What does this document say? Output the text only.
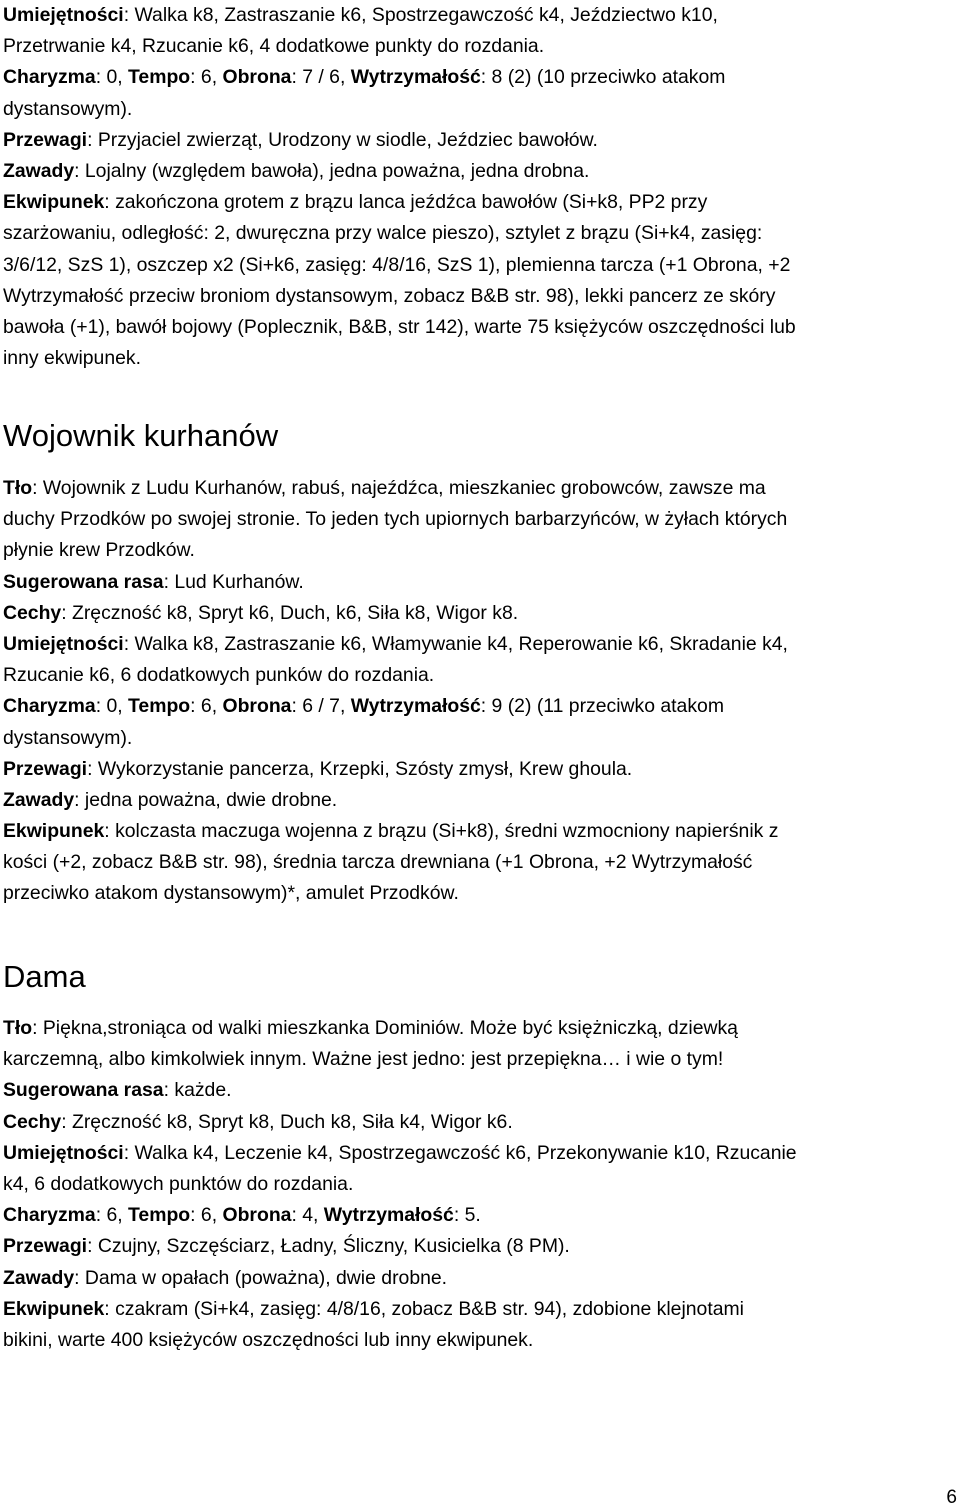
Umiejętności: Walka k8, Zastraszanie k6, Spostrzegawczość k4, Jeździectwo k10,
Przetrwanie k4, Rzucanie k6, 4 dodatkowe punkty do rozdania.
Charyzma: 0, Tempo: 6, Obrona: 7 / 6, Wytrzymałość: 8 (2) (10 przeciwko atakom
dystansowym).
Przewagi: Przyjaciel zwierząt, Urodzony w siodle, Jeździec bawołów.
Zawady: Lojalny (względem bawoła), jedna poważna, jedna drobna.
Ekwipunek: zakończona grotem z brązu lanca jeźdźca bawołów (Si+k8, PP2 przy
szarżowaniu, odległość: 2, dwuręczna przy walce pieszo), sztylet z brązu (Si+k4, zasięg:
3/6/12, SzS 1), oszczep x2 (Si+k6, zasięg: 4/8/16, SzS 1), plemienna tarcza (+1 Obrona, +2
Wytrzymałość przeciw broniom dystansowym, zobacz B&B str. 98), lekki pancerz ze skóry
bawoła (+1), bawół bojowy (Poplecznik, B&B, str 142), warte 75 księżyców oszczędności lub
inny ekwipunek.
Wojownik kurhanów
Tło: Wojownik z Ludu Kurhanów, rabuś, najeźdźca, mieszkaniec grobowców, zawsze ma
duchy Przodków po swojej stronie. To jeden tych upiornych barbarzyńców, w żyłach których
płynie krew Przodków.
Sugerowana rasa: Lud Kurhanów.
Cechy: Zręczność k8, Spryt k6, Duch, k6, Siła k8, Wigor k8.
Umiejętności: Walka k8, Zastraszanie k6, Włamywanie k4, Reperowanie k6, Skradanie k4,
Rzucanie k6, 6 dodatkowych punków do rozdania.
Charyzma: 0, Tempo: 6, Obrona: 6 / 7, Wytrzymałość: 9 (2) (11 przeciwko atakom
dystansowym).
Przewagi: Wykorzystanie pancerza, Krzepki, Szósty zmysł, Krew ghoula.
Zawady: jedna poważna, dwie drobne.
Ekwipunek: kolczasta maczuga wojenna z brązu (Si+k8), średni wzmocniony napierśnik z
kości (+2, zobacz B&B str. 98), średnia tarcza drewniana (+1 Obrona, +2 Wytrzymałość
przeciwko atakom dystansowym)*, amulet Przodków.
Dama
Tło: Piękna,stroniąca od walki mieszkanka Dominiów. Może być księżniczką, dziewką
karczemną, albo kimkolwiek innym. Ważne jest jedno: jest przepiękna… i wie o tym!
Sugerowana rasa: każde.
Cechy: Zręczność k8, Spryt k8, Duch k8, Siła k4, Wigor k6.
Umiejętności: Walka k4, Leczenie k4, Spostrzegawczość k6, Przekonywanie k10, Rzucanie
k4, 6 dodatkowych punktów do rozdania.
Charyzma: 6, Tempo: 6, Obrona: 4, Wytrzymałość: 5.
Przewagi: Czujny, Szczęściarz, Ładny, Śliczny, Kusicielka (8 PM).
Zawady: Dama w opałach (poważna), dwie drobne.
Ekwipunek: czakram (Si+k4, zasięg: 4/8/16, zobacz B&B str. 94), zdobione klejnotami
bikini, warte 400 księżyców oszczędności lub inny ekwipunek.
6
